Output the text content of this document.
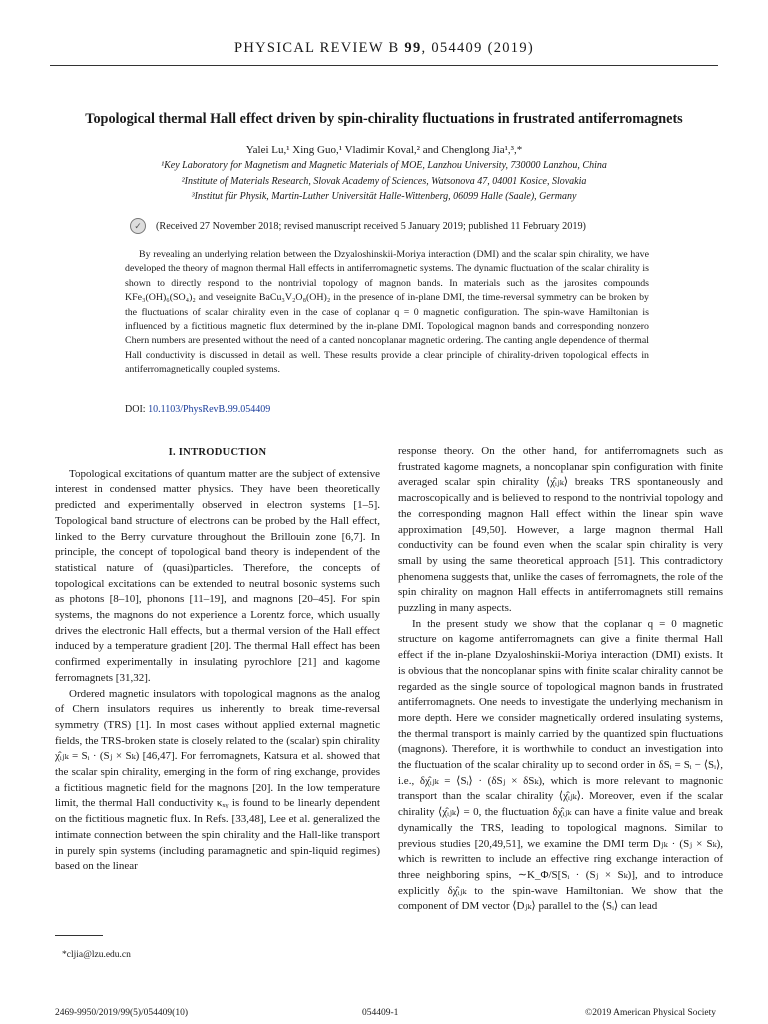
PHYSICAL REVIEW B 99, 054409 (2019)
Topological thermal Hall effect driven by spin-chirality fluctuations in frustrated antiferromagnets
Yalei Lu,¹ Xing Guo,¹ Vladimir Koval,² and Chenglong Jia¹,³,*
¹Key Laboratory for Magnetism and Magnetic Materials of MOE, Lanzhou University, 730000 Lanzhou, China
²Institute of Materials Research, Slovak Academy of Sciences, Watsonova 47, 04001 Kosice, Slovakia
³Institut für Physik, Martin-Luther Universität Halle-Wittenberg, 06099 Halle (Saale), Germany
✓	(Received 27 November 2018; revised manuscript received 5 January 2019; published 11 February 2019)
By revealing an underlying relation between the Dzyaloshinskii-Moriya interaction (DMI) and the scalar spin chirality, we have developed the theory of magnon thermal Hall effects in antiferromagnetic systems. The dynamic fluctuation of the scalar chirality is shown to directly respond to the nontrivial topology of magnon bands. In materials such as the jarosites compounds KFe₃(OH)₆(SO₄)₂ and veseignite BaCu₃V₂O₈(OH)₂ in the presence of in-plane DMI, the time-reversal symmetry can be broken by the fluctuations of scalar chirality even in the case of coplanar q = 0 magnetic configuration. The spin-wave Hamiltonian is influenced by a fictitious magnetic flux determined by the in-plane DMI. Topological magnon bands and corresponding nonzero Chern numbers are presented without the need of a canted noncoplanar magnetic ordering. The canting angle dependence of thermal Hall conductivity is discussed in detail as well. These results provide a clear principle of chirality-driven topological effects in antiferromagnetically coupled systems.
DOI: 10.1103/PhysRevB.99.054409
I. INTRODUCTION

Topological excitations of quantum matter are the subject of extensive interest in condensed matter physics. They have been theoretically predicted and experimentally observed in electron systems [1–5]. Topological band structure of electrons can be probed by the Hall effect, linked to the Berry curvature throughout the Brillouin zone [6,7]. In principle, the concept of topological band theory is independent of the statistical nature of (quasi)particles. Therefore, the concepts of topological excitations can be extended to neutral bosonic systems such as photons [8–10], phonons [11–19], and magnons [20–45]. For spin systems, the magnons do not experience a Lorentz force, which usually drives the electronic Hall effects, but a thermal version of the Hall effect induced by a temperature gradient [20]. The thermal Hall effect has been confirmed experimentally in insulating pyrochlore [21] and kagome ferromagnets [31,32].

Ordered magnetic insulators with topological magnons as the analog of Chern insulators requires us inherently to break time-reversal symmetry (TRS) [1]. In most cases without applied external magnetic fields, the TRS-broken state is closely related to the (scalar) spin chirality χ̂ᵢⱼₖ = Sᵢ · (Sⱼ × Sₖ) [46,47]. For ferromagnets, Katsura et al. showed that the scalar spin chirality, emerging in the form of ring exchange, provides a fictitious magnetic field for the magnons [20]. In the low temperature limit, the thermal Hall conductivity κₓᵧ is found to be linearly dependent on the fictitious magnetic flux. In Refs. [33,48], Lee et al. generalized the intimate connection between the spin chirality and the Hall-like transport in purely spin systems (including paramagnetic and spin-liquid regimes) based on the linear

response theory. On the other hand, for antiferromagnets such as frustrated kagome magnets, a noncoplanar spin configuration with finite averaged scalar spin chirality ⟨χ̂ᵢⱼₖ⟩ breaks TRS spontaneously and macroscopically and is believed to respond to the nontrivial topology and the corresponding magnon Hall effect within the linear spin wave approximation [49,50]. However, a large magnon thermal Hall conductivity can be found even when the scalar spin chirality is very small by using the same theoretical approach [51]. This contradictory phenomena suggests that, unlike the cases of ferromagnets, the role of the spin chirality on magnon Hall effects in antiferromagnets still remains puzzling in many aspects.

In the present study we show that the coplanar q = 0 magnetic structure on kagome antiferromagnets can give a finite thermal Hall effect if the in-plane Dzyaloshinskii-Moriya interaction (DMI) exists. It is obvious that the noncoplanar spins with finite scalar chirality cannot be regarded as the single source of topological magnon bands in frustrated antiferromagnets. One needs to investigate the underlying mechanism in more depth. Here we consider magnetically ordered insulating systems, the thermal transport is mainly carried by the quantized spin fluctuations (magnons). Therefore, it is worthwhile to conduct an investigation into the fluctuation of the scalar chirality up to second order in δSᵢ = Sᵢ − ⟨Sᵢ⟩, i.e., δχ̂ᵢⱼₖ = ⟨Sᵢ⟩ · (δSⱼ × δSₖ), which is more relevant to magnonic transport than the scalar chirality ⟨χ̂ᵢⱼₖ⟩. Moreover, even if the scalar chirality ⟨χ̂ᵢⱼₖ⟩ = 0, the fluctuation δχ̂ᵢⱼₖ can have a finite value and break dynamically the TRS, leading to topological magnons. Similar to previous studies [20,49,51], we examine the DMI term Dⱼₖ · (Sⱼ × Sₖ), which is rewritten to include an effective ring exchange interaction of three neighboring spins, ∼K_Φ/S[Sᵢ · (Sⱼ × Sₖ)], and to introduce explicitly δχ̂ᵢⱼₖ to the spin-wave Hamiltonian. We show that the component of DM vector ⟨Dⱼₖ⟩ parallel to the ⟨Sᵢ⟩ can lead

*cljia@lzu.edu.cn
2469-9950/2019/99(5)/054409(10)	054409-1	©2019 American Physical Society
